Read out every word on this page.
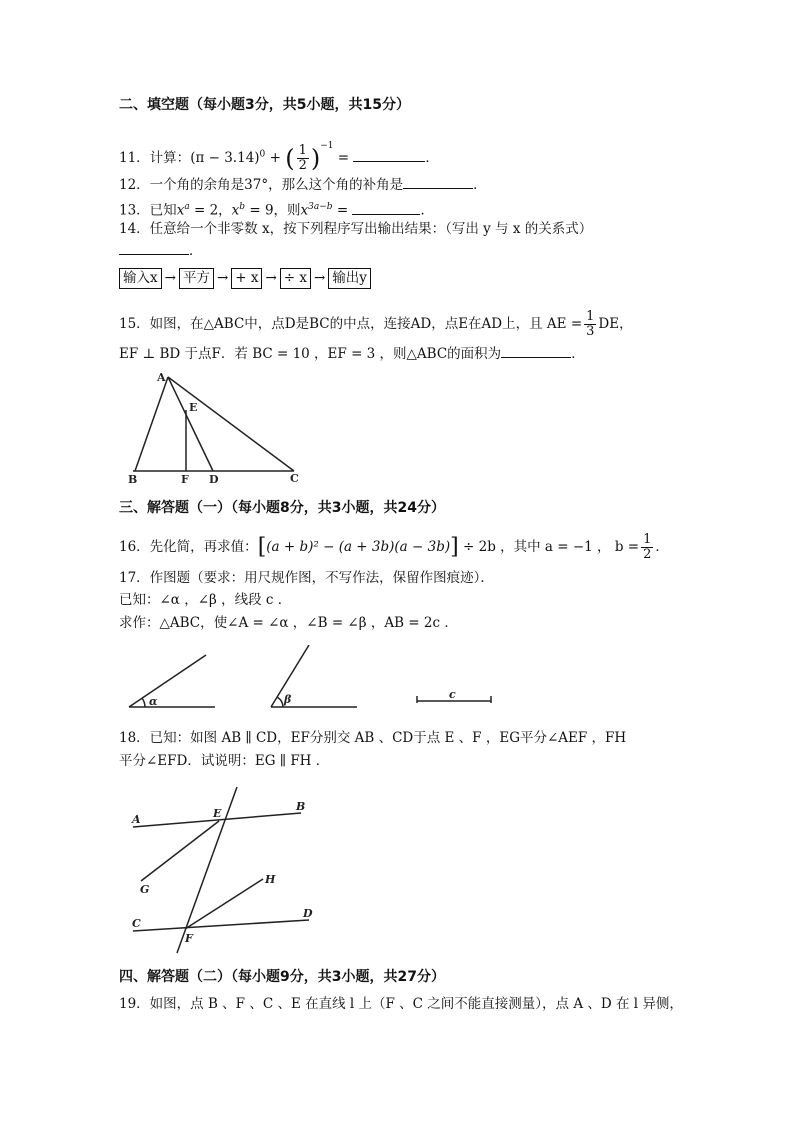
二、填空题（每小题3分，共5小题，共15分）
11．计算：$(\pi - 3.14)^0$ + ( $\frac{1}{2} )^{-1}$ =	．
12．一个角的余角是37°，那么这个角的补角是	．
13．已知$x^a = 2$，$x^b = 9$，则$x^{3a-b}$ =	．
14．任意给一个非零数 x，按下列程序写出输出结果：（写出 y 与 x 的关系式）
．
输入x → 平方 → + x → ÷ x → 输出y
15．如图，在△ABC中，点D是BC的中点，连接AD，点E在AD上，且 AE = $\frac{1}{3}$ DE，
EF ⊥ BD 于点F．若 BC = 10 ，EF = 3 ，则△ABC的面积为	．
A
E
B	F D	C
三、解答题（一）（每小题8分，共3小题，共24分）
16．先化简，再求值：[(a + b)² − (a + 3b)(a − 3b)] ÷ 2b ，其中 a = −1 ， $b = \frac{1}{2}$ ．
17．作图题（要求：用尺规作图，不写作法，保留作图痕迹）．
已知：∠α ，∠β ，线段 c ．
求作：△ABC，使∠A = ∠α ，∠B = ∠β ，AB = 2c ．
α	β	c
18．已知：如图 AB ∥ CD，EF分别交 AB 、CD于点 E 、F ，EG平分∠AEF ，FH
平分∠EFD．试说明：EG ∥ FH ．
A	E
B
G
H
C
D
F
四、解答题（二）（每小题9分，共3小题，共27分）
19．如图，点 B 、F 、C 、E 在直线 l 上（F 、C 之间不能直接测量），点 A 、D 在 l 异侧，
